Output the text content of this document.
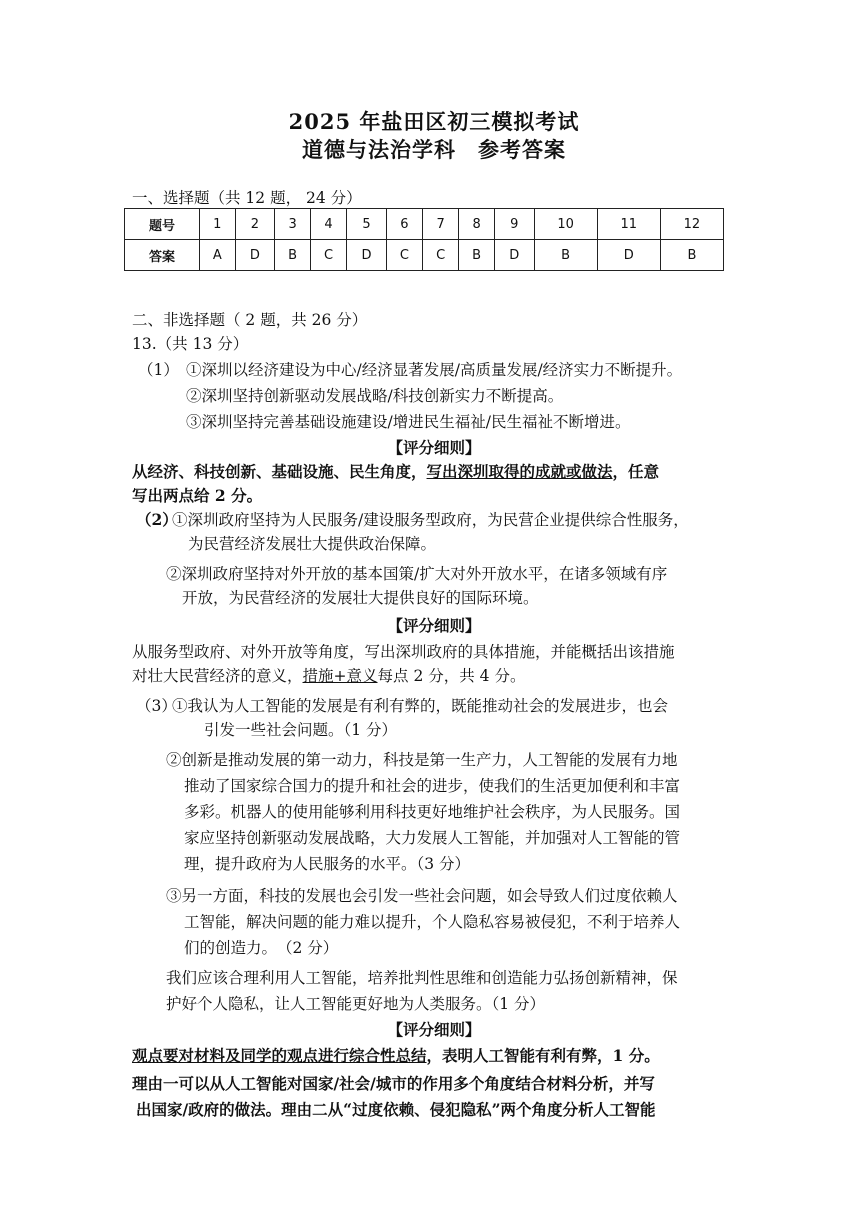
2025 年盐田区初三模拟考试
道德与法治学科　参考答案
一、选择题（共 12 题， 24 分）
题号	1	2	3	4	5	6	7	8	9	10	11	12
答案	A	D	B	C	D	C	C	B	D	B	D	B
二、非选择题（ 2 题，共 26 分）
13.（共 13 分）
（1） ①深圳以经济建设为中心/经济显著发展/高质量发展/经济实力不断提升。
②深圳坚持创新驱动发展战略/科技创新实力不断提高。
③深圳坚持完善基础设施建设/增进民生福祉/民生福祉不断增进。
【评分细则】
从经济、科技创新、基础设施、民生角度，写出深圳取得的成就或做法，任意
写出两点给 2 分。
（2）
①深圳政府坚持为人民服务/建设服务型政府，为民营企业提供综合性服务，
为民营经济发展壮大提供政治保障。
②深圳政府坚持对外开放的基本国策/扩大对外开放水平，在诸多领域有序
开放，为民营经济的发展壮大提供良好的国际环境。
【评分细则】
从服务型政府、对外开放等角度，写出深圳政府的具体措施，并能概括出该措施
对壮大民营经济的意义，措施+意义每点 2 分，共 4 分。
（3）
①我认为人工智能的发展是有利有弊的，既能推动社会的发展进步，也会
引发一些社会问题。（1 分）
②创新是推动发展的第一动力，科技是第一生产力，人工智能的发展有力地
推动了国家综合国力的提升和社会的进步，使我们的生活更加便利和丰富
多彩。机器人的使用能够利用科技更好地维护社会秩序，为人民服务。国
家应坚持创新驱动发展战略，大力发展人工智能，并加强对人工智能的管
理，提升政府为人民服务的水平。（3 分）
③另一方面，科技的发展也会引发一些社会问题，如会导致人们过度依赖人
工智能，解决问题的能力难以提升，个人隐私容易被侵犯，不利于培养人
们的创造力。　（2 分）
我们应该合理利用人工智能，培养批判性思维和创造能力弘扬创新精神，保
护好个人隐私，让人工智能更好地为人类服务。（1 分）
【评分细则】
观点要对材料及同学的观点进行综合性总结，表明人工智能有利有弊，1 分。
理由一可以从人工智能对国家/社会/城市的作用多个角度结合材料分析，并写
出国家/政府的做法。理由二从“过度依赖、侵犯隐私”两个角度分析人工智能
